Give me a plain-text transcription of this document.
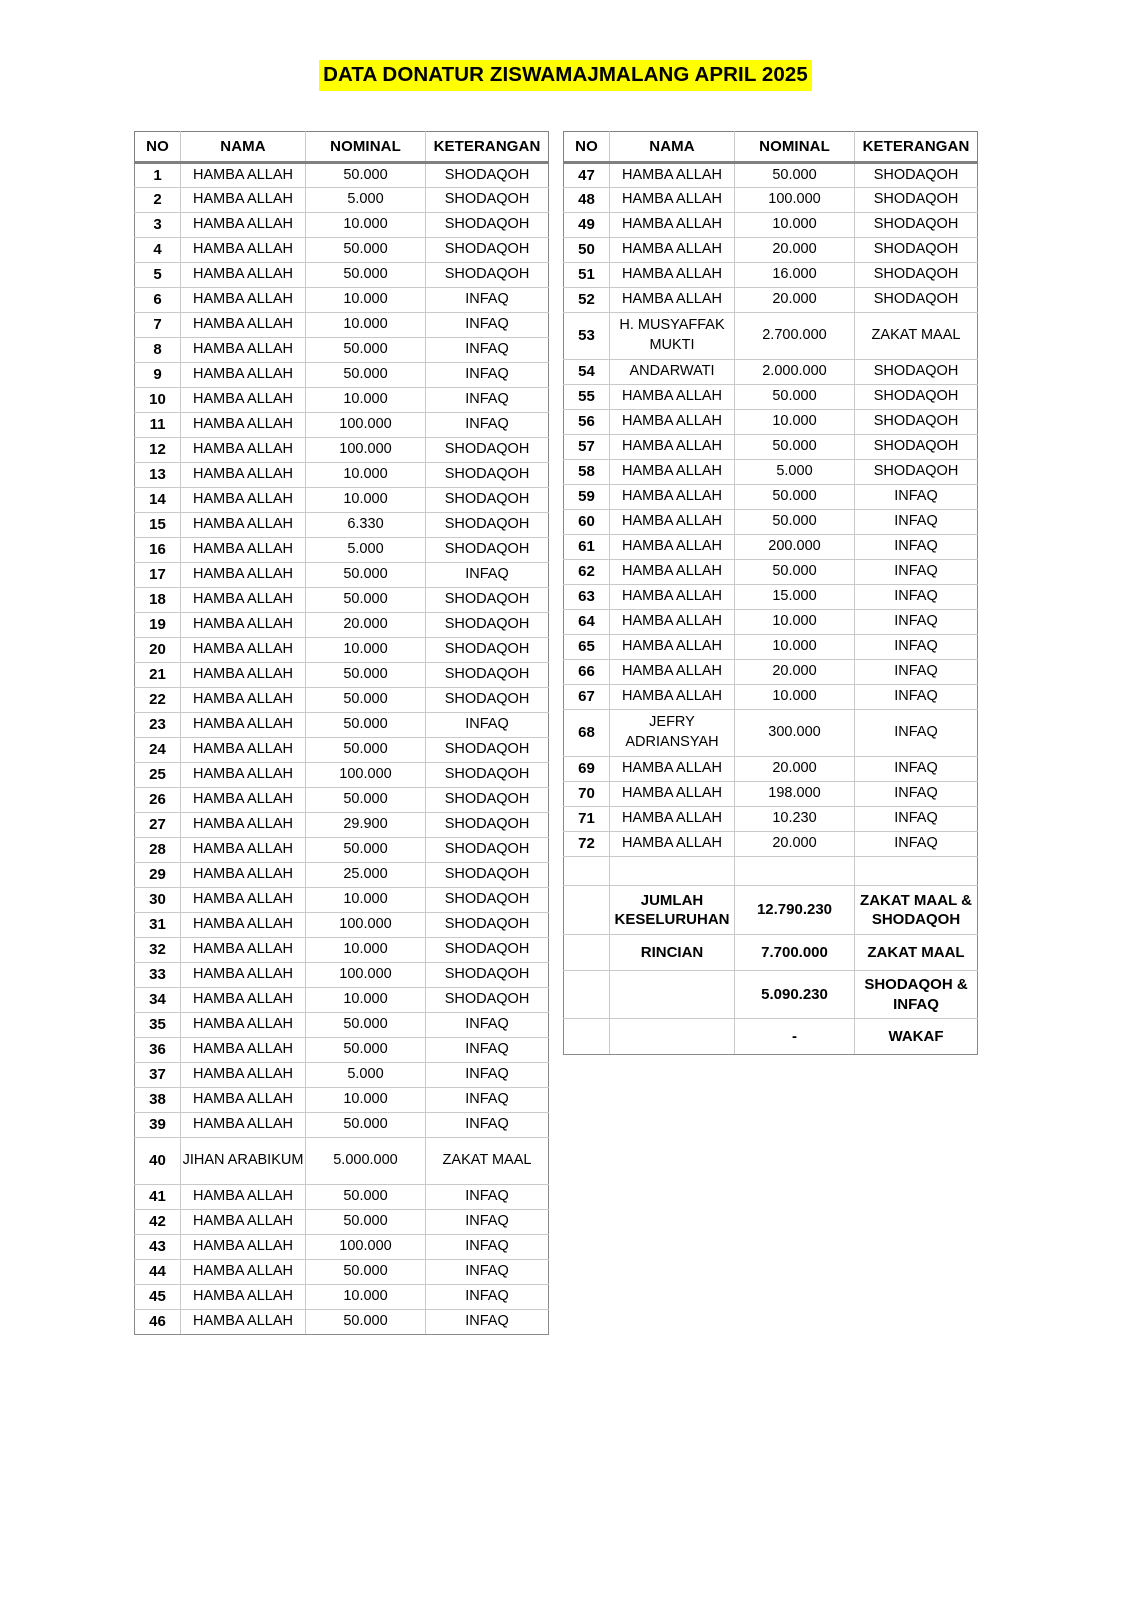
DATA DONATUR ZISWAMAJMALANG APRIL 2025
NO	NAMA	NOMINAL	KETERANGAN
1	HAMBA ALLAH	50.000	SHODAQOH
2	HAMBA ALLAH	5.000	SHODAQOH
3	HAMBA ALLAH	10.000	SHODAQOH
4	HAMBA ALLAH	50.000	SHODAQOH
5	HAMBA ALLAH	50.000	SHODAQOH
6	HAMBA ALLAH	10.000	INFAQ
7	HAMBA ALLAH	10.000	INFAQ
8	HAMBA ALLAH	50.000	INFAQ
9	HAMBA ALLAH	50.000	INFAQ
10	HAMBA ALLAH	10.000	INFAQ
11	HAMBA ALLAH	100.000	INFAQ
12	HAMBA ALLAH	100.000	SHODAQOH
13	HAMBA ALLAH	10.000	SHODAQOH
14	HAMBA ALLAH	10.000	SHODAQOH
15	HAMBA ALLAH	6.330	SHODAQOH
16	HAMBA ALLAH	5.000	SHODAQOH
17	HAMBA ALLAH	50.000	INFAQ
18	HAMBA ALLAH	50.000	SHODAQOH
19	HAMBA ALLAH	20.000	SHODAQOH
20	HAMBA ALLAH	10.000	SHODAQOH
21	HAMBA ALLAH	50.000	SHODAQOH
22	HAMBA ALLAH	50.000	SHODAQOH
23	HAMBA ALLAH	50.000	INFAQ
24	HAMBA ALLAH	50.000	SHODAQOH
25	HAMBA ALLAH	100.000	SHODAQOH
26	HAMBA ALLAH	50.000	SHODAQOH
27	HAMBA ALLAH	29.900	SHODAQOH
28	HAMBA ALLAH	50.000	SHODAQOH
29	HAMBA ALLAH	25.000	SHODAQOH
30	HAMBA ALLAH	10.000	SHODAQOH
31	HAMBA ALLAH	100.000	SHODAQOH
32	HAMBA ALLAH	10.000	SHODAQOH
33	HAMBA ALLAH	100.000	SHODAQOH
34	HAMBA ALLAH	10.000	SHODAQOH
35	HAMBA ALLAH	50.000	INFAQ
36	HAMBA ALLAH	50.000	INFAQ
37	HAMBA ALLAH	5.000	INFAQ
38	HAMBA ALLAH	10.000	INFAQ
39	HAMBA ALLAH	50.000	INFAQ
40	JIHAN ARABIKUM	5.000.000	ZAKAT MAAL
41	HAMBA ALLAH	50.000	INFAQ
42	HAMBA ALLAH	50.000	INFAQ
43	HAMBA ALLAH	100.000	INFAQ
44	HAMBA ALLAH	50.000	INFAQ
45	HAMBA ALLAH	10.000	INFAQ
46	HAMBA ALLAH	50.000	INFAQ
NO	NAMA	NOMINAL	KETERANGAN
47	HAMBA ALLAH	50.000	SHODAQOH
48	HAMBA ALLAH	100.000	SHODAQOH
49	HAMBA ALLAH	10.000	SHODAQOH
50	HAMBA ALLAH	20.000	SHODAQOH
51	HAMBA ALLAH	16.000	SHODAQOH
52	HAMBA ALLAH	20.000	SHODAQOH
53	H. MUSYAFFAK MUKTI	2.700.000	ZAKAT MAAL
54	ANDARWATI	2.000.000	SHODAQOH
55	HAMBA ALLAH	50.000	SHODAQOH
56	HAMBA ALLAH	10.000	SHODAQOH
57	HAMBA ALLAH	50.000	SHODAQOH
58	HAMBA ALLAH	5.000	SHODAQOH
59	HAMBA ALLAH	50.000	INFAQ
60	HAMBA ALLAH	50.000	INFAQ
61	HAMBA ALLAH	200.000	INFAQ
62	HAMBA ALLAH	50.000	INFAQ
63	HAMBA ALLAH	15.000	INFAQ
64	HAMBA ALLAH	10.000	INFAQ
65	HAMBA ALLAH	10.000	INFAQ
66	HAMBA ALLAH	20.000	INFAQ
67	HAMBA ALLAH	10.000	INFAQ
68	JEFRY ADRIANSYAH	300.000	INFAQ
69	HAMBA ALLAH	20.000	INFAQ
70	HAMBA ALLAH	198.000	INFAQ
71	HAMBA ALLAH	10.230	INFAQ
72	HAMBA ALLAH	20.000	INFAQ

	JUMLAH KESELURUHAN	12.790.230	ZAKAT MAAL & SHODAQOH
	RINCIAN	7.700.000	ZAKAT MAAL
		5.090.230	SHODAQOH & INFAQ
		-	WAKAF
